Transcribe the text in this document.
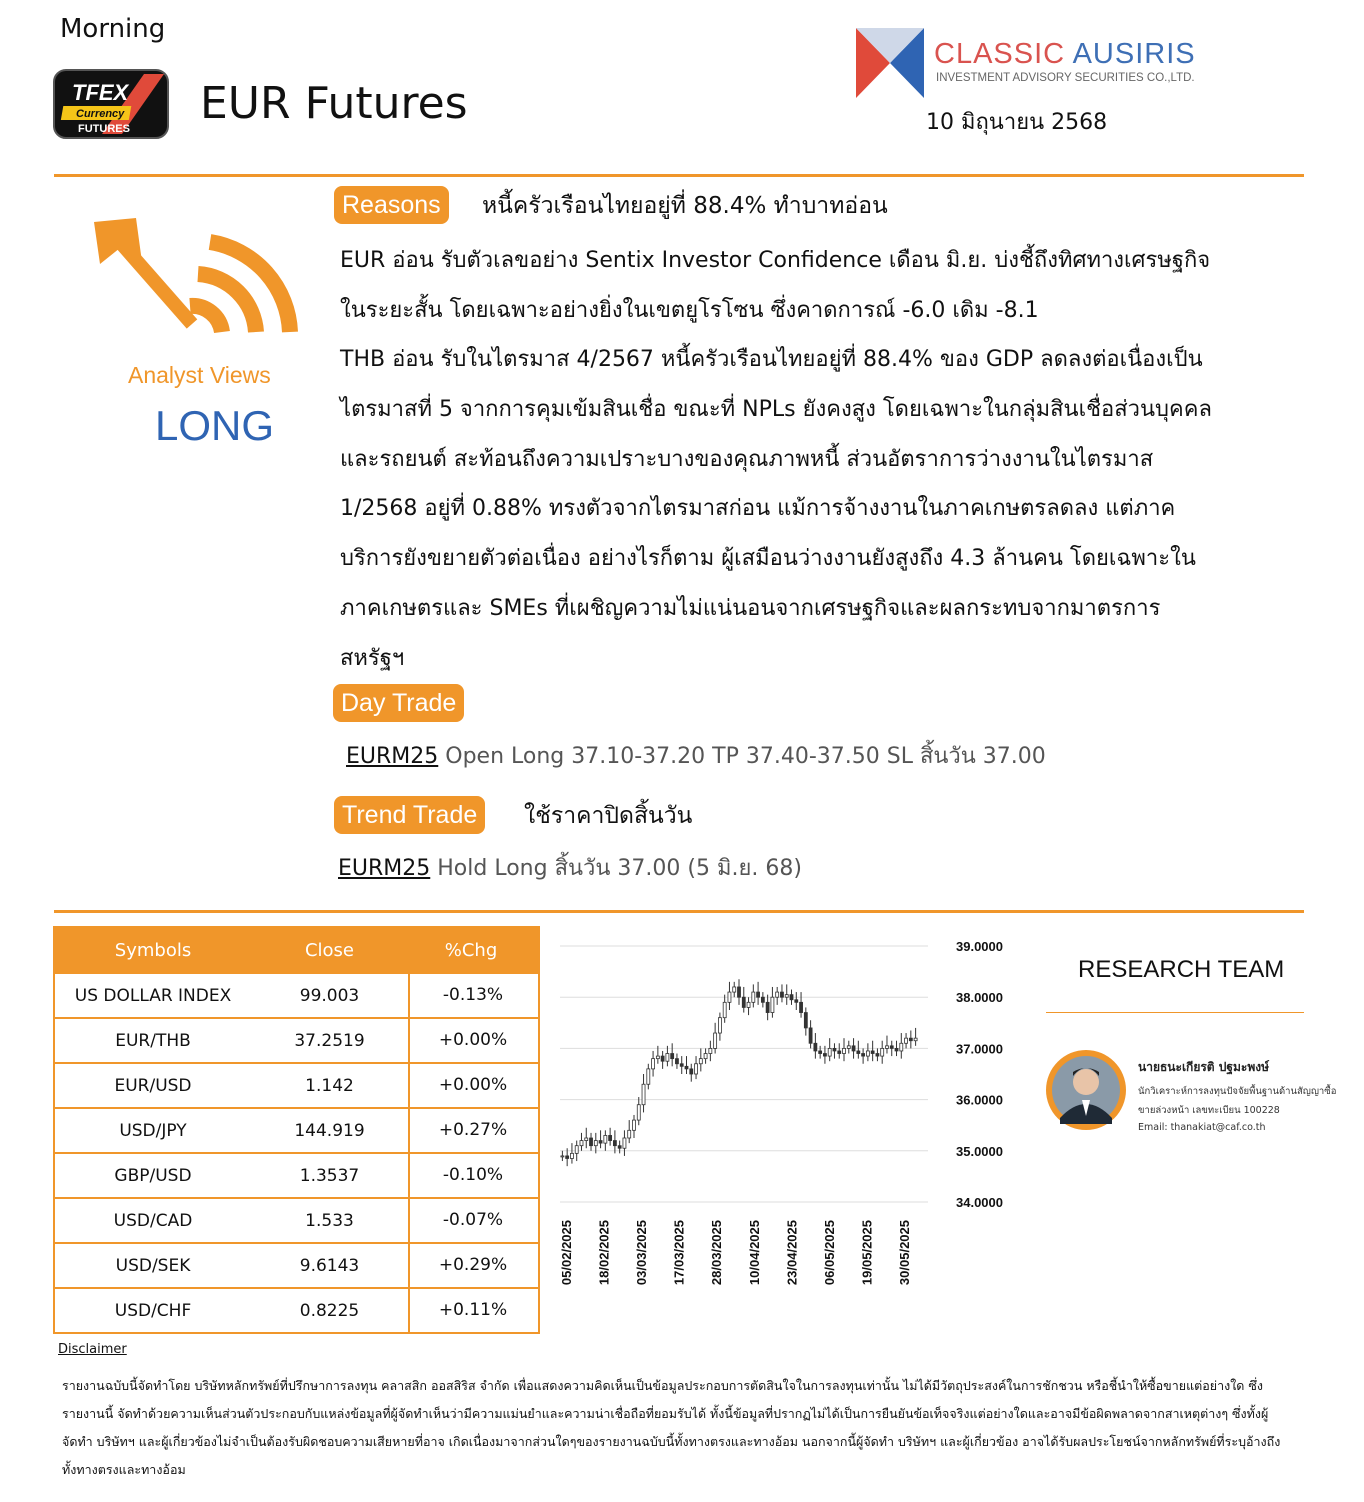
Morning
TFEX
Currency
FUTURES EUR Futures
CLASSIC AUSIRIS
INVESTMENT ADVISORY SECURITIES CO.,LTD.
10 มิถุนายน 2568
Analyst Views
LONG
Reasons	หนี้ครัวเรือนไทยอยู่ที่ 88.4% ทำบาทอ่อน
EUR อ่อน รับตัวเลขอย่าง Sentix Investor Confidence เดือน มิ.ย. บ่งชี้ถึงทิศทางเศรษฐกิจ
ในระยะสั้น โดยเฉพาะอย่างยิ่งในเขตยูโรโซน ซึ่งคาดการณ์ -6.0 เดิม -8.1
THB อ่อน รับในไตรมาส 4/2567 หนี้ครัวเรือนไทยอยู่ที่ 88.4% ของ GDP ลดลงต่อเนื่องเป็น
ไตรมาสที่ 5 จากการคุมเข้มสินเชื่อ ขณะที่ NPLs ยังคงสูง โดยเฉพาะในกลุ่มสินเชื่อส่วนบุคคล
และรถยนต์ สะท้อนถึงความเปราะบางของคุณภาพหนี้ ส่วนอัตราการว่างงานในไตรมาส
1/2568 อยู่ที่ 0.88% ทรงตัวจากไตรมาสก่อน แม้การจ้างงานในภาคเกษตรลดลง แต่ภาค
บริการยังขยายตัวต่อเนื่อง อย่างไรก็ตาม ผู้เสมือนว่างงานยังสูงถึง 4.3 ล้านคน โดยเฉพาะใน
ภาคเกษตรและ SMEs ที่เผชิญความไม่แน่นอนจากเศรษฐกิจและผลกระทบจากมาตรการ
สหรัฐฯ
Day Trade
EURM25 Open Long 37.10-37.20 TP 37.40-37.50 SL สิ้นวัน 37.00
Trend Trade	ใช้ราคาปิดสิ้นวัน
EURM25 Hold Long สิ้นวัน 37.00 (5 มิ.ย. 68)
Symbols	Close	%Chg
US DOLLAR INDEX	99.003	-0.13%
EUR/THB	37.2519	+0.00%
EUR/USD	1.142	+0.00%
USD/JPY	144.919	+0.27%
GBP/USD	1.3537	-0.10%
USD/CAD	1.533	-0.07%
USD/SEK	9.6143	+0.29%
USD/CHF	0.8225	+0.11%
39.0000
38.0000
37.0000
36.0000
35.0000
34.0000
05/02/2025 18/02/2025 03/03/2025 17/03/2025 28/03/2025 10/04/2025 23/04/2025 06/05/2025 19/05/2025 30/05/2025
RESEARCH TEAM
นายธนะเกียรติ ปฐมะพงษ์
นักวิเคราะห์การลงทุนปัจจัยพื้นฐานด้านสัญญาซื้อขายล่วงหน้า เลขทะเบียน 100228
Email: thanakiat@caf.co.th
Disclaimer
รายงานฉบับนี้จัดทำโดย บริษัทหลักทรัพย์ที่ปรึกษาการลงทุน คลาสสิก ออสสิริส จำกัด เพื่อแสดงความคิดเห็นเป็นข้อมูลประกอบการตัดสินใจในการลงทุนเท่านั้น ไม่ได้มีวัตถุประสงค์ในการชักชวน หรือชี้นำให้ซื้อขายแต่อย่างใด ซึ่งรายงานนี้ จัดทำด้วยความเห็นส่วนตัวประกอบกับแหล่งข้อมูลที่ผู้จัดทำเห็นว่ามีความแม่นยำและความน่าเชื่อถือที่ยอมรับได้ ทั้งนี้ข้อมูลที่ปรากฏไม่ได้เป็นการยืนยันข้อเท็จจริงแต่อย่างใดและอาจมีข้อผิดพลาดจากสาเหตุต่างๆ ซึ่งทั้งผู้จัดทำ บริษัทฯ และผู้เกี่ยวข้องไม่จำเป็นต้องรับผิดชอบความเสียหายที่อาจ เกิดเนื่องมาจากส่วนใดๆของรายงานฉบับนี้ทั้งทางตรงและทางอ้อม นอกจากนี้ผู้จัดทำ บริษัทฯ และผู้เกี่ยวข้อง อาจได้รับผลประโยชน์จากหลักทรัพย์ที่ระบุอ้างถึงทั้งทางตรงและทางอ้อม
